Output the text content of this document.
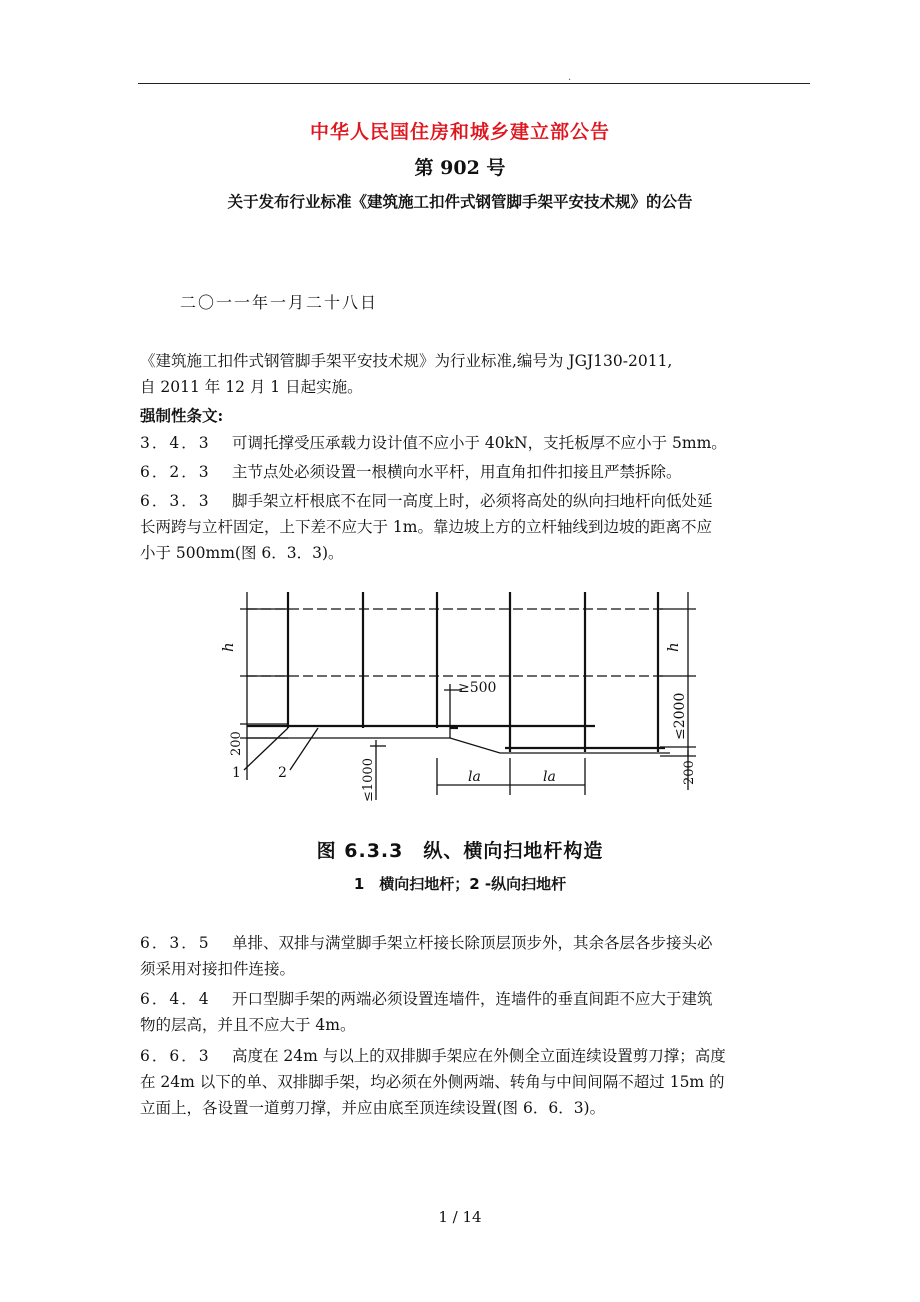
.
中华人民国住房和城乡建立部公告
第 902 号
关于发布行业标准《建筑施工扣件式钢管脚手架平安技术规》的公告
二〇一一年一月二十八日

《建筑施工扣件式钢管脚手架平安技术规》为行业标准,编号为 JGJ130-2011,
自 2011 年 12 月 1 日起实施。

强制性条文:

3．4．3 可调托撑受压承载力设计值不应小于 40kN，支托板厚不应小于 5mm。

6．2．3 主节点处必须设置一根横向水平杆，用直角扣件扣接且严禁拆除。

6．3．3 脚手架立杆根底不在同一高度上时，必须将高处的纵向扫地杆向低处延
长两跨与立杆固定，上下差不应大于 1m。靠边坡上方的立杆轴线到边坡的距离不应
小于 500mm(图 6．3．3)。

h	h
≥500
≤2000
200
200
1	2	≤1000	la	la
图 6.3.3　纵、横向扫地杆构造
1　横向扫地杆；2 -纵向扫地杆

6．3．5 单排、双排与满堂脚手架立杆接长除顶层顶步外，其余各层各步接头必
须采用对接扣件连接。

6．4．4 开口型脚手架的两端必须设置连墙件，连墙件的垂直间距不应大于建筑
物的层高，并且不应大于 4m。

6．6．3 高度在 24m 与以上的双排脚手架应在外侧全立面连续设置剪刀撑；高度
在 24m 以下的单、双排脚手架，均必须在外侧两端、转角与中间间隔不超过 15m 的
立面上，各设置一道剪刀撑，并应由底至顶连续设置(图 6．6．3)。

1 / 14
